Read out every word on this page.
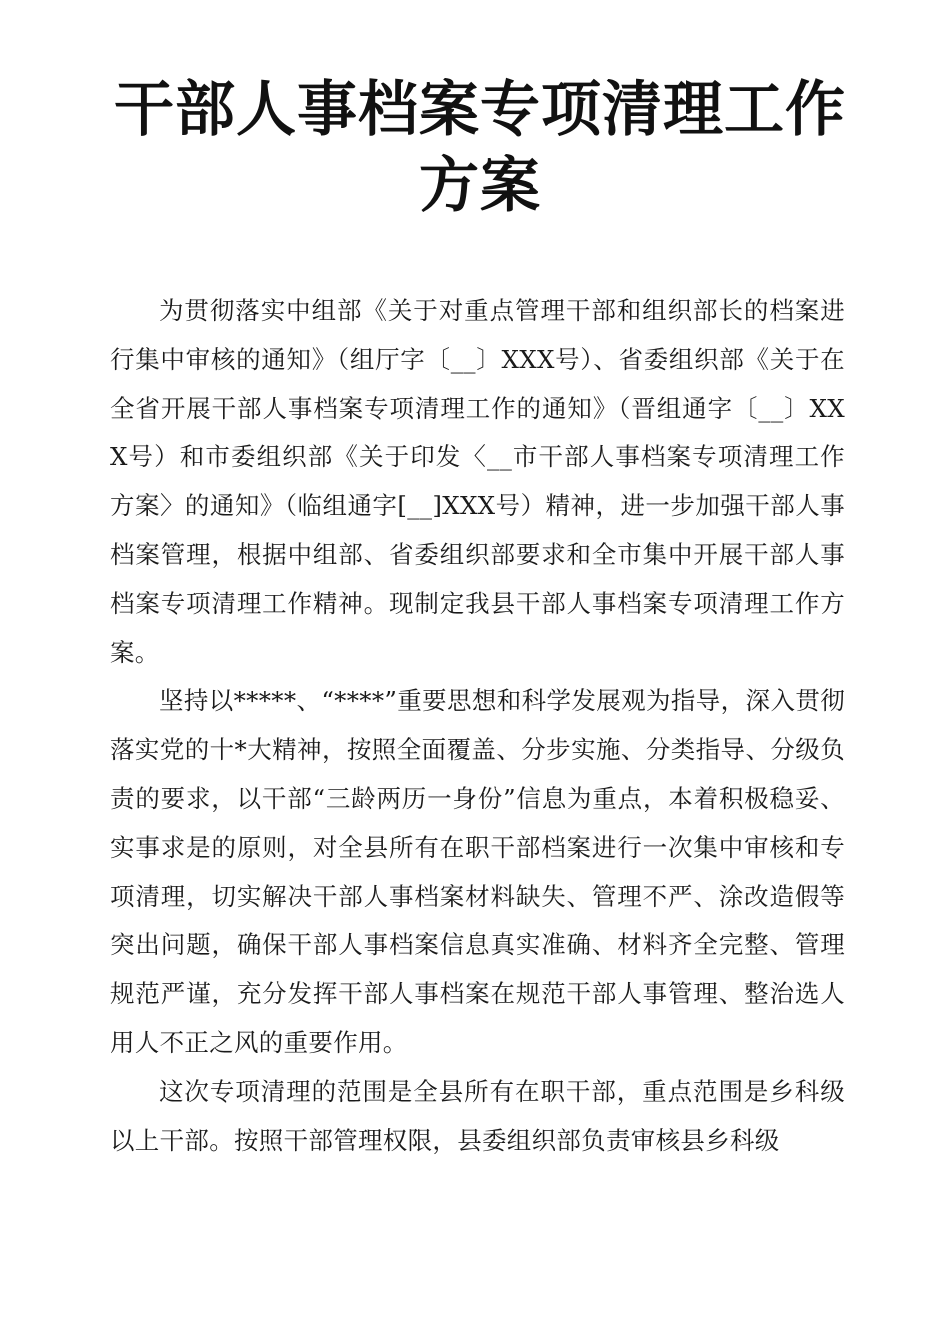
干部人事档案专项清理工作
方案

为贯彻落实中组部《关于对重点管理干部和组织部长的档案进行集中审核的通知》（组厅字〔__〕XXX号）、省委组织部《关于在全省开展干部人事档案专项清理工作的通知》（晋组通字〔__〕XXX号）和市委组织部《关于印发〈__市干部人事档案专项清理工作方案〉的通知》（临组通字[__]XXX号）精神，进一步加强干部人事档案管理，根据中组部、省委组织部要求和全市集中开展干部人事档案专项清理工作精神。现制定我县干部人事档案专项清理工作方案。

坚持以*****、“****”重要思想和科学发展观为指导，深入贯彻落实党的十*大精神，按照全面覆盖、分步实施、分类指导、分级负责的要求，以干部“三龄两历一身份”信息为重点，本着积极稳妥、实事求是的原则，对全县所有在职干部档案进行一次集中审核和专项清理，切实解决干部人事档案材料缺失、管理不严、涂改造假等突出问题，确保干部人事档案信息真实准确、材料齐全完整、管理规范严谨，充分发挥干部人事档案在规范干部人事管理、整治选人用人不正之风的重要作用。

这次专项清理的范围是全县所有在职干部，重点范围是乡科级以上干部。按照干部管理权限，县委组织部负责审核县乡科级
